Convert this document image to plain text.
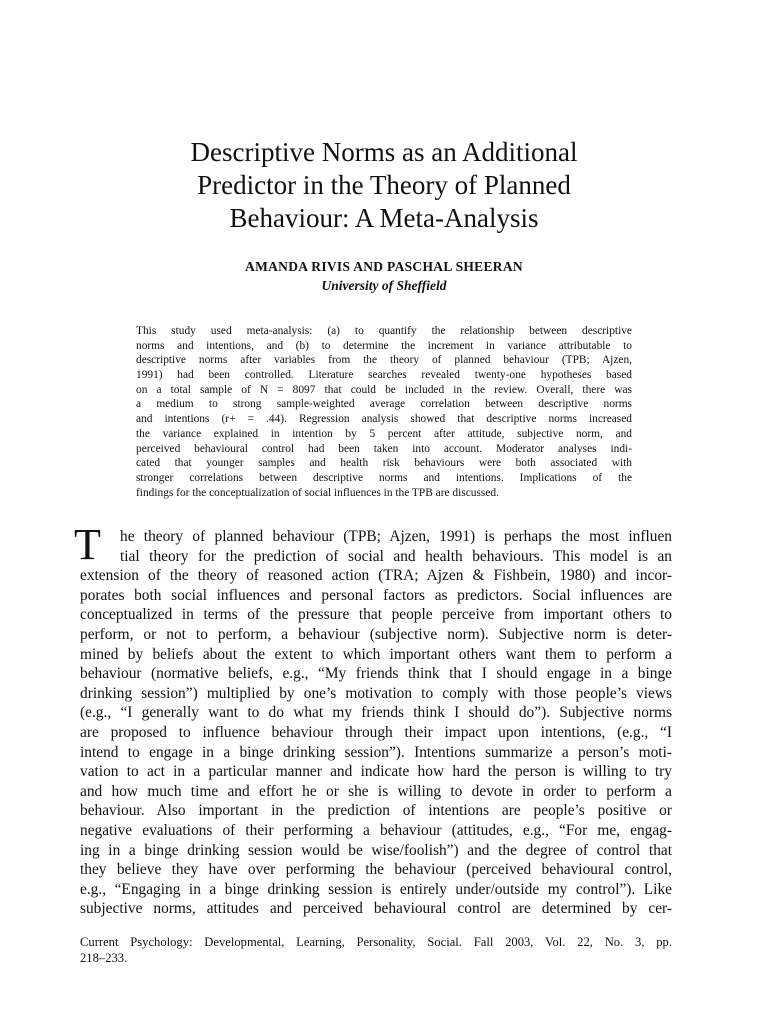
Descriptive Norms as an Additional
Predictor in the Theory of Planned
Behaviour: A Meta-Analysis

AMANDA RIVIS AND PASCHAL SHEERAN

University of Sheffield

This study used meta-analysis: (a) to quantify the relationship between descriptive
norms and intentions, and (b) to determine the increment in variance attributable to
descriptive norms after variables from the theory of planned behaviour (TPB; Ajzen,
1991) had been controlled. Literature searches revealed twenty-one hypotheses based
on a total sample of N = 8097 that could be included in the review. Overall, there was
a medium to strong sample-weighted average correlation between descriptive norms
and intentions (r+ = .44). Regression analysis showed that descriptive norms increased
the variance explained in intention by 5 percent after attitude, subjective norm, and
perceived behavioural control had been taken into account. Moderator analyses indi-
cated that younger samples and health risk behaviours were both associated with
stronger correlations between descriptive norms and intentions. Implications of the
findings for the conceptualization of social influences in the TPB are discussed.
T	he theory of planned behaviour (TPB; Ajzen, 1991) is perhaps the most influen
tial theory for the prediction of social and health behaviours. This model is an
extension of the theory of reasoned action (TRA; Ajzen & Fishbein, 1980) and incor-
porates both social influences and personal factors as predictors. Social influences are
conceptualized in terms of the pressure that people perceive from important others to
perform, or not to perform, a behaviour (subjective norm). Subjective norm is deter-
mined by beliefs about the extent to which important others want them to perform a
behaviour (normative beliefs, e.g., “My friends think that I should engage in a binge
drinking session”) multiplied by one’s motivation to comply with those people’s views
(e.g., “I generally want to do what my friends think I should do”). Subjective norms
are proposed to influence behaviour through their impact upon intentions, (e.g., “I
intend to engage in a binge drinking session”). Intentions summarize a person’s moti-
vation to act in a particular manner and indicate how hard the person is willing to try
and how much time and effort he or she is willing to devote in order to perform a
behaviour. Also important in the prediction of intentions are people’s positive or
negative evaluations of their performing a behaviour (attitudes, e.g., “For me, engag-
ing in a binge drinking session would be wise/foolish”) and the degree of control that
they believe they have over performing the behaviour (perceived behavioural control,
e.g., “Engaging in a binge drinking session is entirely under/outside my control”). Like
subjective norms, attitudes and perceived behavioural control are determined by cer-
Current Psychology: Developmental, Learning, Personality, Social. Fall 2003, Vol. 22, No. 3, pp.
218–233.
